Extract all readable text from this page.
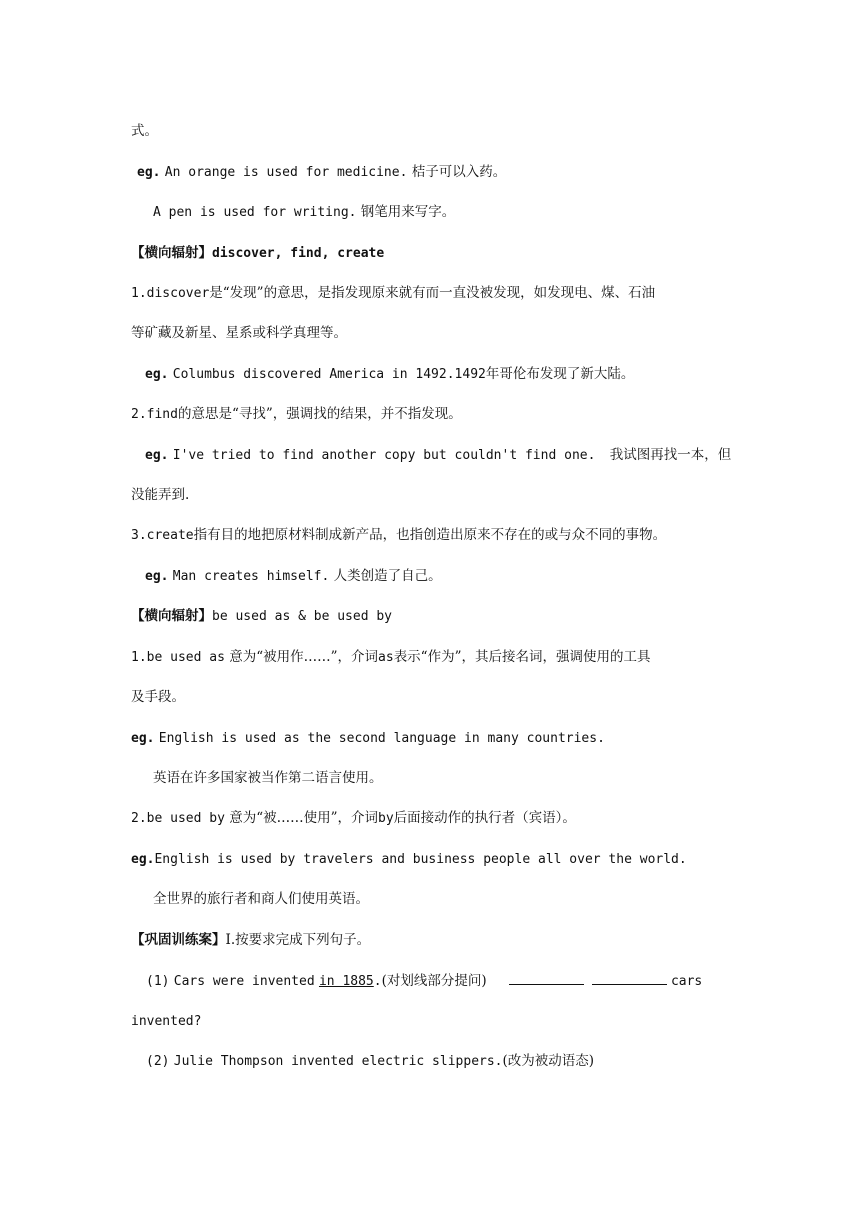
式。
eg. An orange is used for medicine. 桔子可以入药。
A pen is used for writing. 钢笔用来写字。
【横向辐射】discover, find, create
1.discover是“发现”的意思，是指发现原来就有而一直没被发现，如发现电、煤、石油
等矿藏及新星、星系或科学真理等。
eg. Columbus discovered America in 1492.1492年哥伦布发现了新大陆。
2.find的意思是“寻找”，强调找的结果，并不指发现。
eg. I've tried to find another copy but couldn't find one. 我试图再找一本，但
没能弄到.
3.create指有目的地把原材料制成新产品，也指创造出原来不存在的或与众不同的事物。
eg. Man creates himself. 人类创造了自己。
【横向辐射】be used as & be used by
1.be used as 意为“被用作……”，介词as表示“作为”，其后接名词，强调使用的工具
及手段。
eg. English is used as the second language in many countries.
英语在许多国家被当作第二语言使用。
2.be used by 意为“被……使用”，介词by后面接动作的执行者（宾语）。
eg.English is used by travelers and business people all over the world.
全世界的旅行者和商人们使用英语。
【巩固训练案】I.按要求完成下列句子。
(1) Cars were invented in 1885.(对划线部分提问)	cars
invented?
(2) Julie Thompson invented electric slippers.(改为被动语态)
